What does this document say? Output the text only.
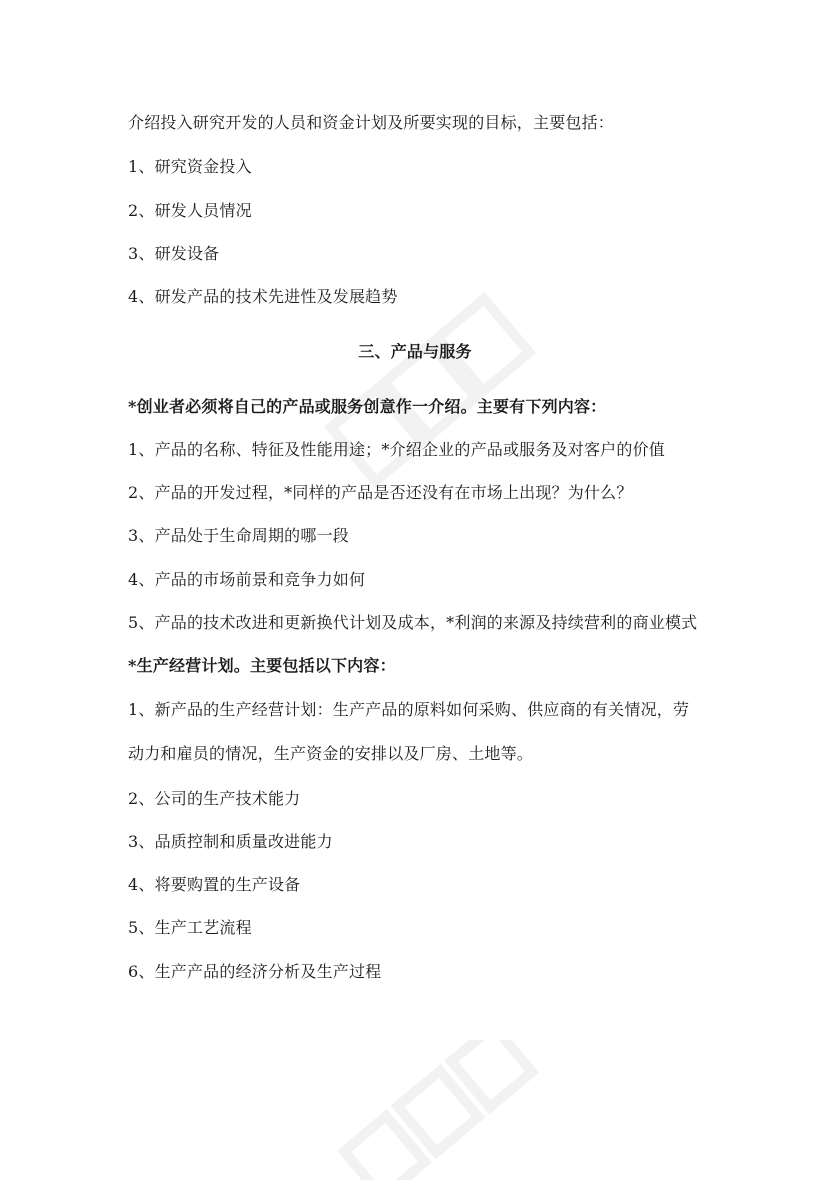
介绍投入研究开发的人员和资金计划及所要实现的目标，主要包括：
1、研究资金投入
2、研发人员情况
3、研发设备
4、研发产品的技术先进性及发展趋势
三、产品与服务
*创业者必须将自己的产品或服务创意作一介绍。主要有下列内容：
1、产品的名称、特征及性能用途；*介绍企业的产品或服务及对客户的价值
2、产品的开发过程，*同样的产品是否还没有在市场上出现？为什么？
3、产品处于生命周期的哪一段
4、产品的市场前景和竞争力如何
5、产品的技术改进和更新换代计划及成本，*利润的来源及持续营利的商业模式
*生产经营计划。主要包括以下内容：
1、新产品的生产经营计划：生产产品的原料如何采购、供应商的有关情况，劳
动力和雇员的情况，生产资金的安排以及厂房、土地等。
2、公司的生产技术能力
3、品质控制和质量改进能力
4、将要购置的生产设备
5、生产工艺流程
6、生产产品的经济分析及生产过程
